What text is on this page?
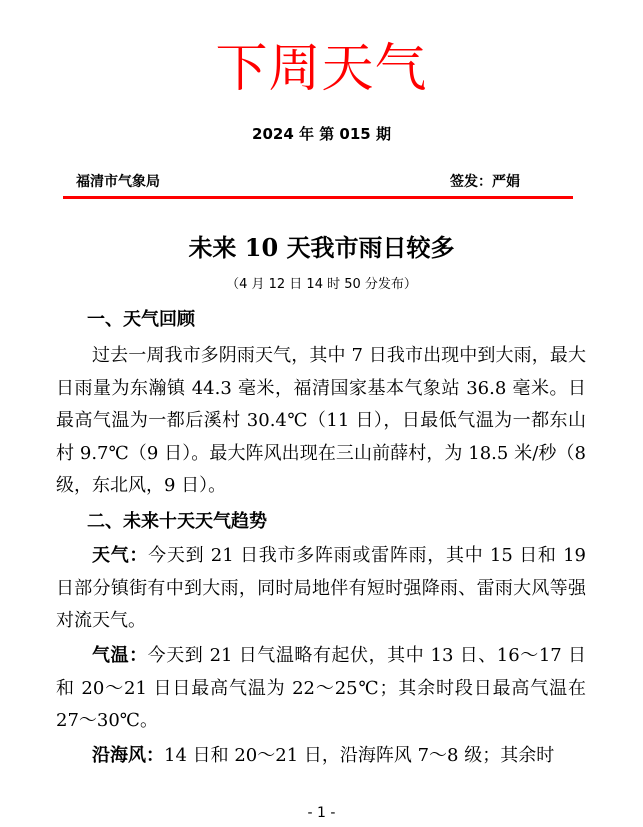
下周天气
2024 年 第 015 期
福清市气象局	签发：严娟
未来 10 天我市雨日较多
（4 月 12 日 14 时 50 分发布）
一、天气回顾

过去一周我市多阴雨天气，其中 7 日我市出现中到大雨，最大日雨量为东瀚镇 44.3 毫米，福清国家基本气象站 36.8 毫米。日最高气温为一都后溪村 30.4℃（11 日），日最低气温为一都东山村 9.7℃（9 日）。最大阵风出现在三山前薛村，为 18.5 米/秒（8 级，东北风，9 日）。

二、未来十天天气趋势

天气：今天到 21 日我市多阵雨或雷阵雨，其中 15 日和 19 日部分镇街有中到大雨，同时局地伴有短时强降雨、雷雨大风等强对流天气。

气温：今天到 21 日气温略有起伏，其中 13 日、16～17 日和 20～21 日日最高气温为 22～25℃；其余时段日最高气温在 27～30℃。

沿海风：14 日和 20～21 日，沿海阵风 7～8 级；其余时

- 1 -
